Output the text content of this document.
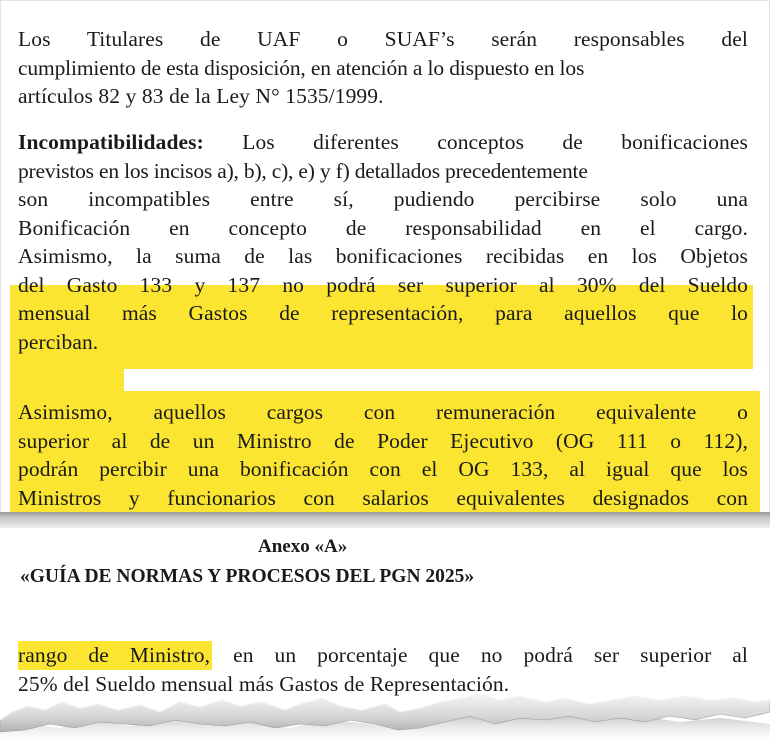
Los Titulares de UAF o SUAF’s serán responsables del
cumplimiento de esta disposición, en atención a lo dispuesto en los
artículos 82 y 83 de la Ley N° 1535/1999.
Incompatibilidades: Los diferentes conceptos de bonificaciones
previstos en los incisos a), b), c), e) y f) detallados precedentemente
son incompatibles entre sí, pudiendo percibirse solo una
Bonificación en concepto de responsabilidad en el cargo.
Asimismo, la suma de las bonificaciones recibidas en los Objetos
del Gasto 133 y 137 no podrá ser superior al 30% del Sueldo
mensual más Gastos de representación, para aquellos que lo
perciban.
Asimismo, aquellos cargos con remuneración equivalente o
superior al de un Ministro de Poder Ejecutivo (OG 111 o 112),
podrán percibir una bonificación con el OG 133, al igual que los
Ministros y funcionarios con salarios equivalentes designados con
Anexo «A»
«GUÍA DE NORMAS Y PROCESOS DEL PGN 2025»
rango de Ministro, en un porcentaje que no podrá ser superior al
25% del Sueldo mensual más Gastos de Representación.
